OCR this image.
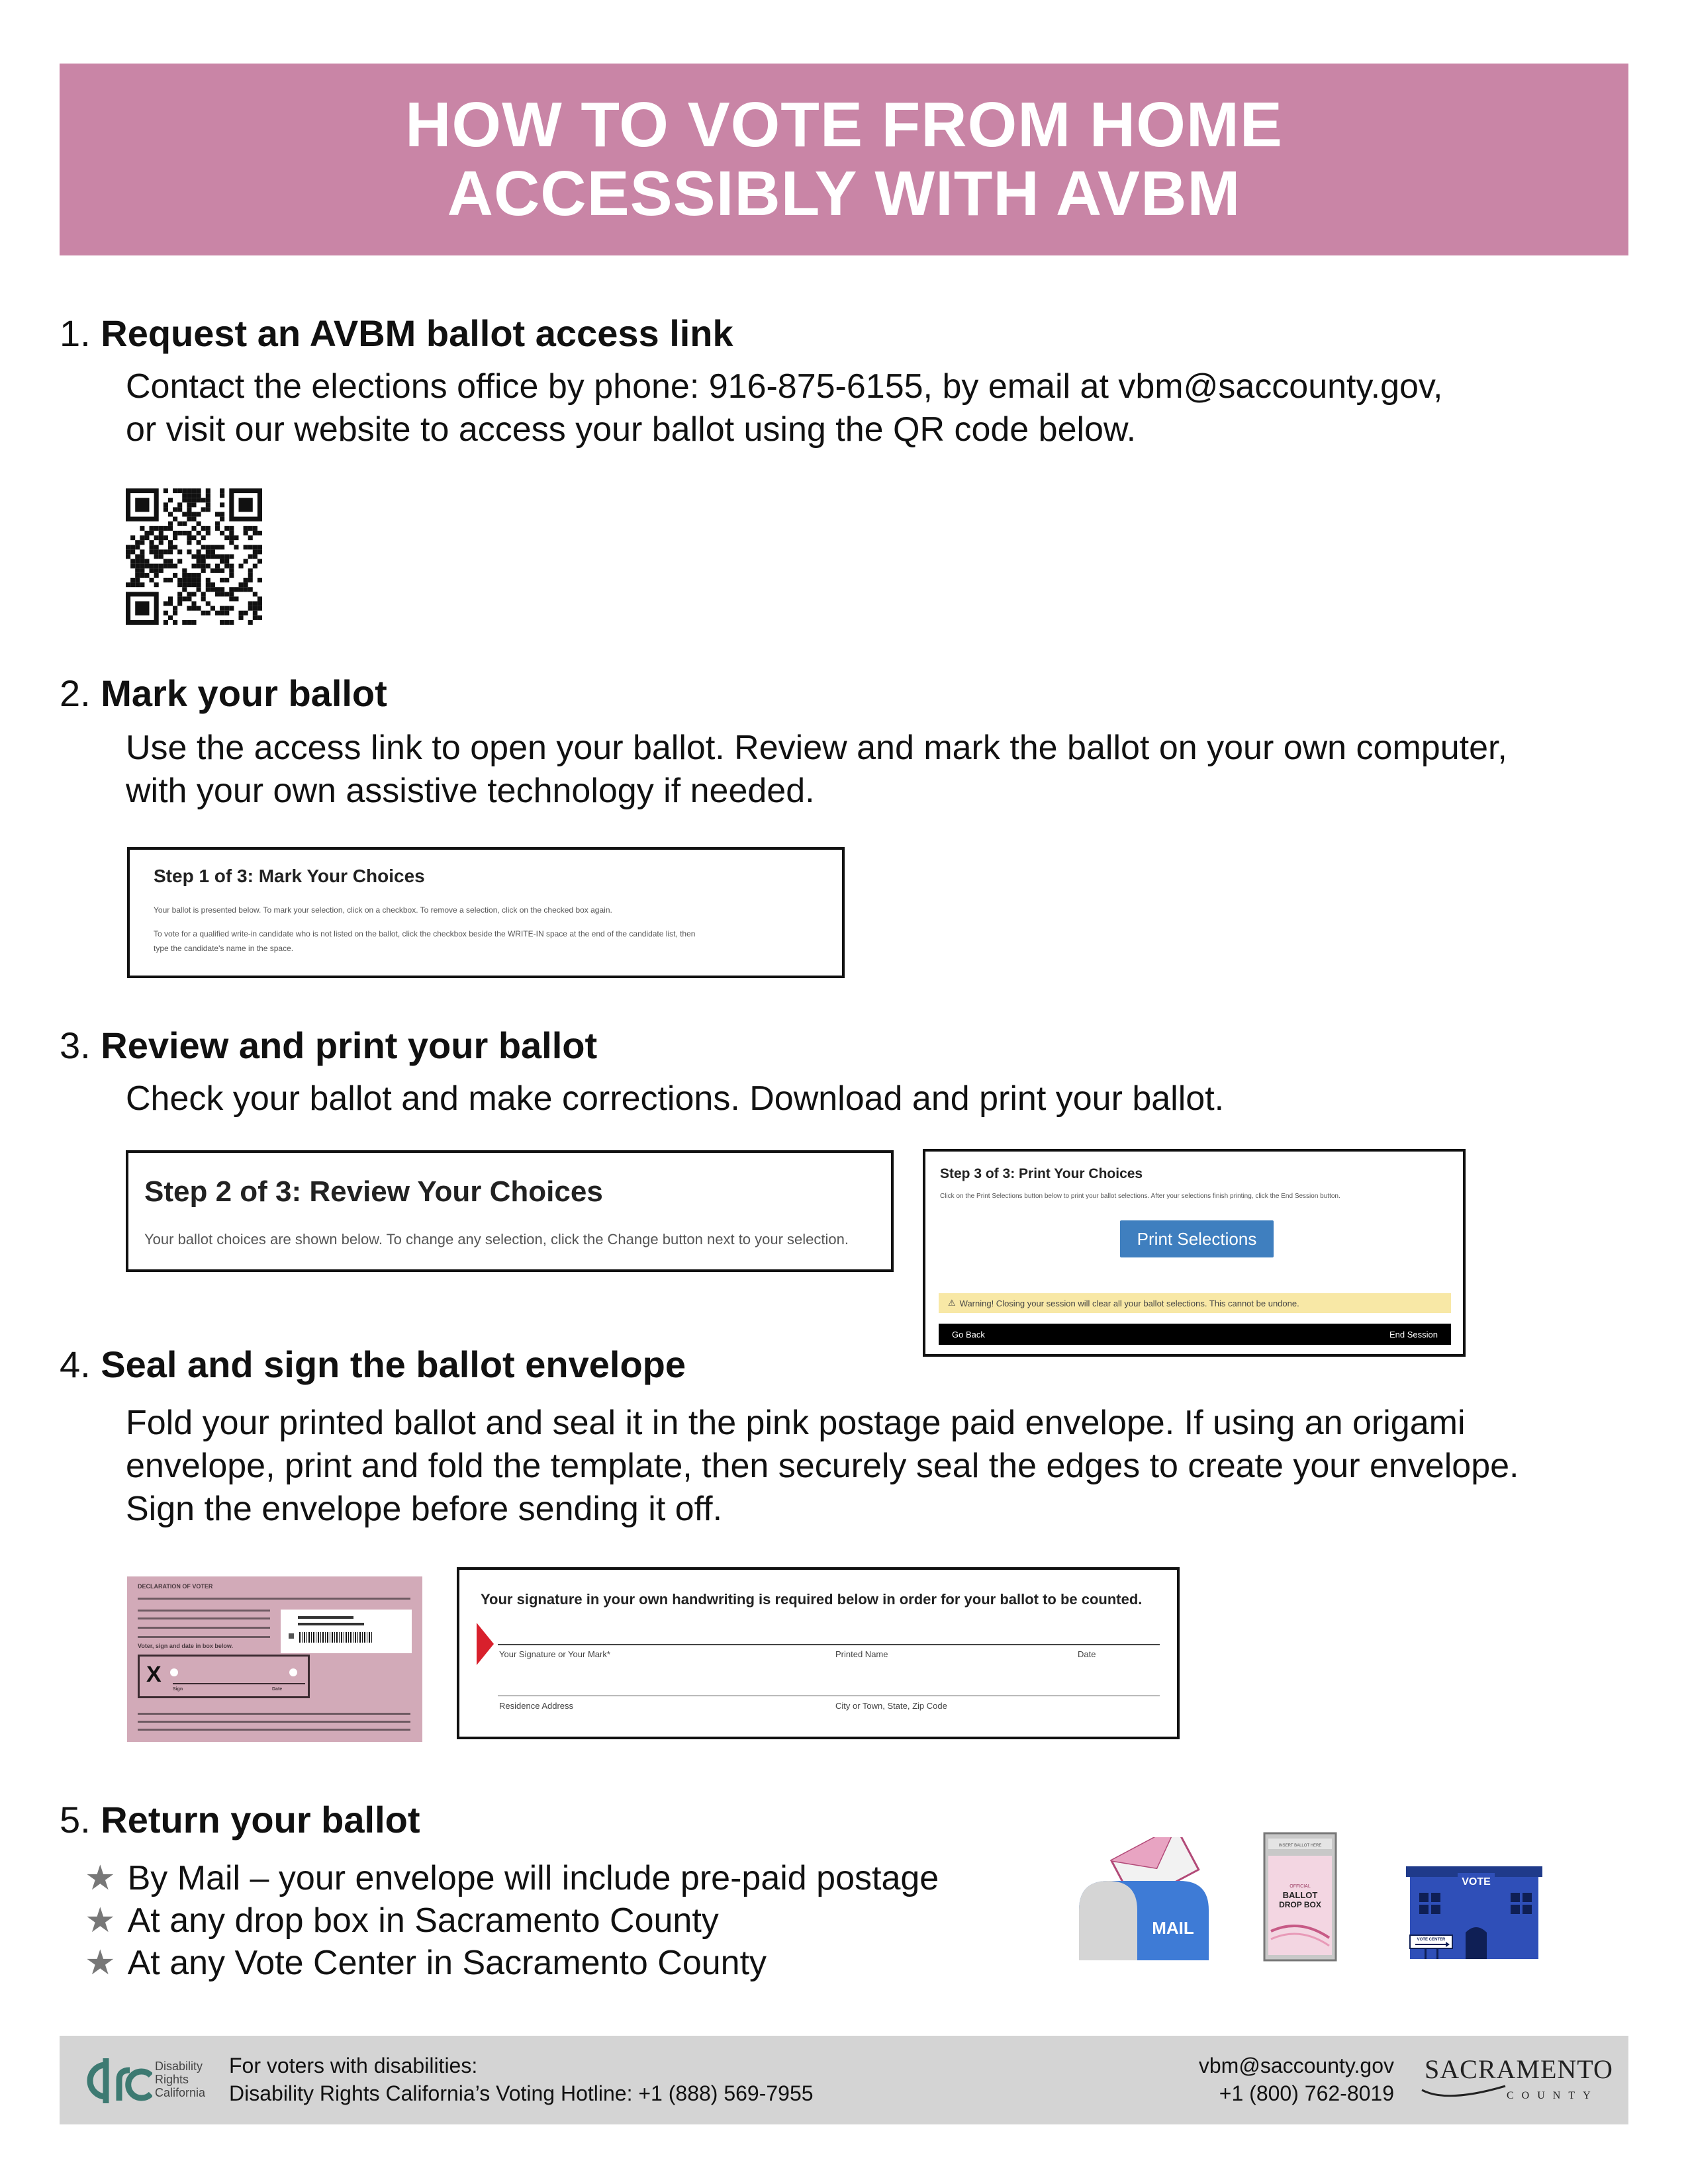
HOW TO VOTE FROM HOME
ACCESSIBLY WITH AVBM
1. Request an AVBM ballot access link
Contact the elections office by phone: 916-875-6155, by email at vbm@saccounty.gov,
or visit our website to access your ballot using the QR code below.
2. Mark your ballot
Use the access link to open your ballot. Review and mark the ballot on your own computer,
with your own assistive technology if needed.
Step 1 of 3: Mark Your Choices
Your ballot is presented below. To mark your selection, click on a checkbox. To remove a selection, click on the checked box again.
To vote for a qualified write-in candidate who is not listed on the ballot, click the checkbox beside the WRITE-IN space at the end of the candidate list, then
type the candidate's name in the space.
3. Review and print your ballot
Check your ballot and make corrections. Download and print your ballot.
Step 2 of 3: Review Your Choices
Your ballot choices are shown below. To change any selection, click the Change button next to your selection.
Step 3 of 3: Print Your Choices
Click on the Print Selections button below to print your ballot selections. After your selections finish printing, click the End Session button.
Print Selections
⚠ Warning! Closing your session will clear all your ballot selections. This cannot be undone.
Go Back	End Session
4. Seal and sign the ballot envelope
Fold your printed ballot and seal it in the pink postage paid envelope. If using an origami
envelope, print and fold the template, then securely seal the edges to create your envelope.
Sign the envelope before sending it off.
DECLARATION OF VOTER
Voter, sign and date in box below.
X
Sign	Date
Your signature in your own handwriting is required below in order for your ballot to be counted.
Your Signature or Your Mark*	Printed Name	Date
Residence Address	City or Town, State, Zip Code
5. Return your ballot
★ By Mail – your envelope will include pre-paid postage
★ At any drop box in Sacramento County
★ At any Vote Center in Sacramento County
MAIL
INSERT BALLOT HERE
OFFICIAL
BALLOT
DROP BOX
VOTE
VOTE CENTER
Disability
Rights
California
For voters with disabilities:
Disability Rights California’s Voting Hotline: +1 (888) 569-7955
vbm@saccounty.gov
+1 (800) 762-8019
SACRAMENTO
COUNTY
